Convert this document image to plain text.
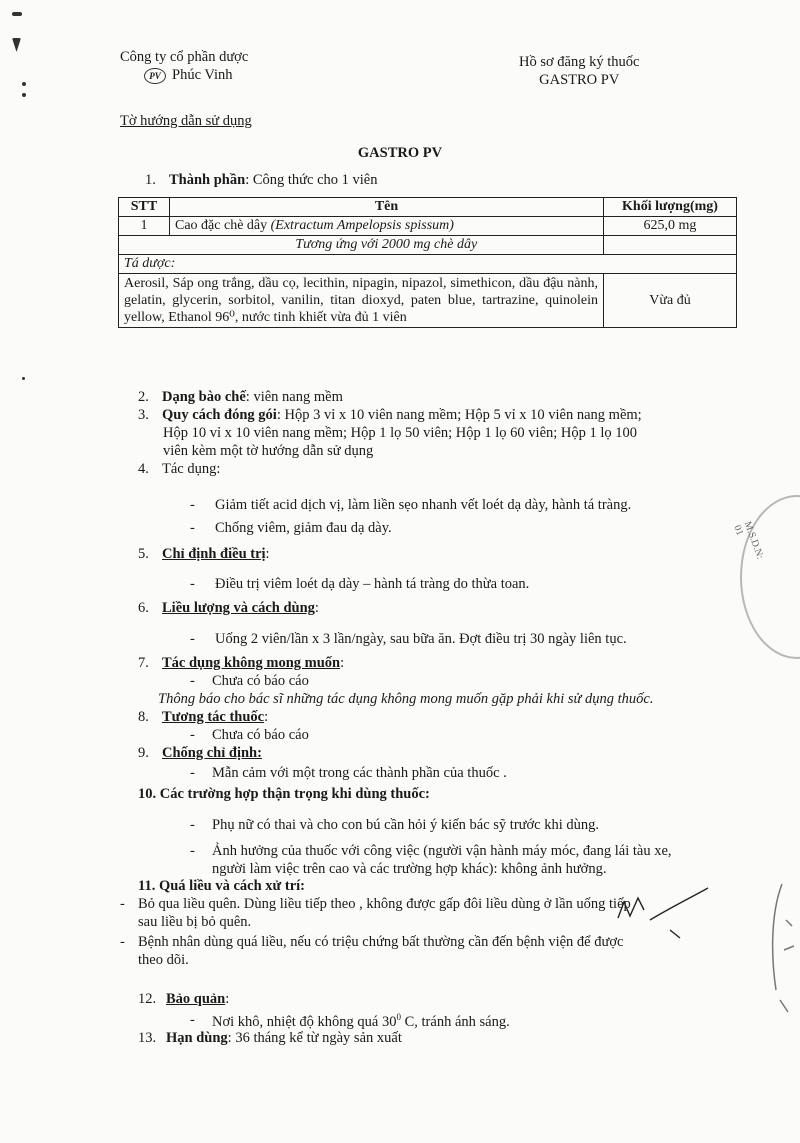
Công ty cổ phần dược
PV Phúc Vinh
Hồ sơ đăng ký thuốc
GASTRO PV
Tờ hướng dẫn sử dụng
GASTRO PV
1. Thành phần: Công thức cho 1 viên
STT	Tên	Khối lượng(mg)
1	Cao đặc chè dây (Extractum Ampelopsis spissum)	625,0 mg
	Tương ứng với 2000 mg chè dây	
Tá dược:		
Aerosil, Sáp ong trắng, dầu cọ, lecithin, nipagin, nipazol, simethicon, dầu đậu nành, gelatin, glycerin, sorbitol, vanilin, titan dioxyd, paten blue, tartrazine, quinolein yellow, Ethanol 96⁰, nước tinh khiết vừa đủ 1 viên		Vừa đủ
2. Dạng bào chế: viên nang mềm
3. Quy cách đóng gói: Hộp 3 vỉ x 10 viên nang mềm; Hộp 5 vỉ x 10 viên nang mềm;
Hộp 10 vỉ x 10 viên nang mềm; Hộp 1 lọ 50 viên; Hộp 1 lọ 60 viên; Hộp 1 lọ 100
viên kèm một tờ hướng dẫn sử dụng
4. Tác dụng:
- Giảm tiết acid dịch vị, làm liền sẹo nhanh vết loét dạ dày, hành tá tràng.
- Chống viêm, giảm đau dạ dày.
5. Chỉ định điều trị:
- Điều trị viêm loét dạ dày – hành tá tràng do thừa toan.
6. Liều lượng và cách dùng:
- Uống 2 viên/lần x 3 lần/ngày, sau bữa ăn. Đợt điều trị 30 ngày liên tục.
7. Tác dụng không mong muốn:
- Chưa có báo cáo
Thông báo cho bác sĩ những tác dụng không mong muốn gặp phải khi sử dụng thuốc.
8. Tương tác thuốc:
- Chưa có báo cáo
9. Chống chỉ định:
- Mẫn cảm với một trong các thành phần của thuốc .
10. Các trường hợp thận trọng khi dùng thuốc:
- Phụ nữ có thai và cho con bú cần hỏi ý kiến bác sỹ trước khi dùng.
- Ảnh hưởng của thuốc với công việc (người vận hành máy móc, đang lái tàu xe,
người làm việc trên cao và các trường hợp khác): không ảnh hưởng.
11. Quá liều và cách xử trí:
- Bỏ qua liều quên. Dùng liều tiếp theo , không được gấp đôi liều dùng ở lần uống tiếp
sau liều bị bỏ quên.
- Bệnh nhân dùng quá liều, nếu có triệu chứng bất thường cần đến bệnh viện để được
theo dõi.
12. Bảo quản:
- Nơi khô, nhiệt độ không quá $30^0$ C, tránh ánh sáng.
13. Hạn dùng: 36 tháng kể từ ngày sản xuất
M.S.D.N: 01
